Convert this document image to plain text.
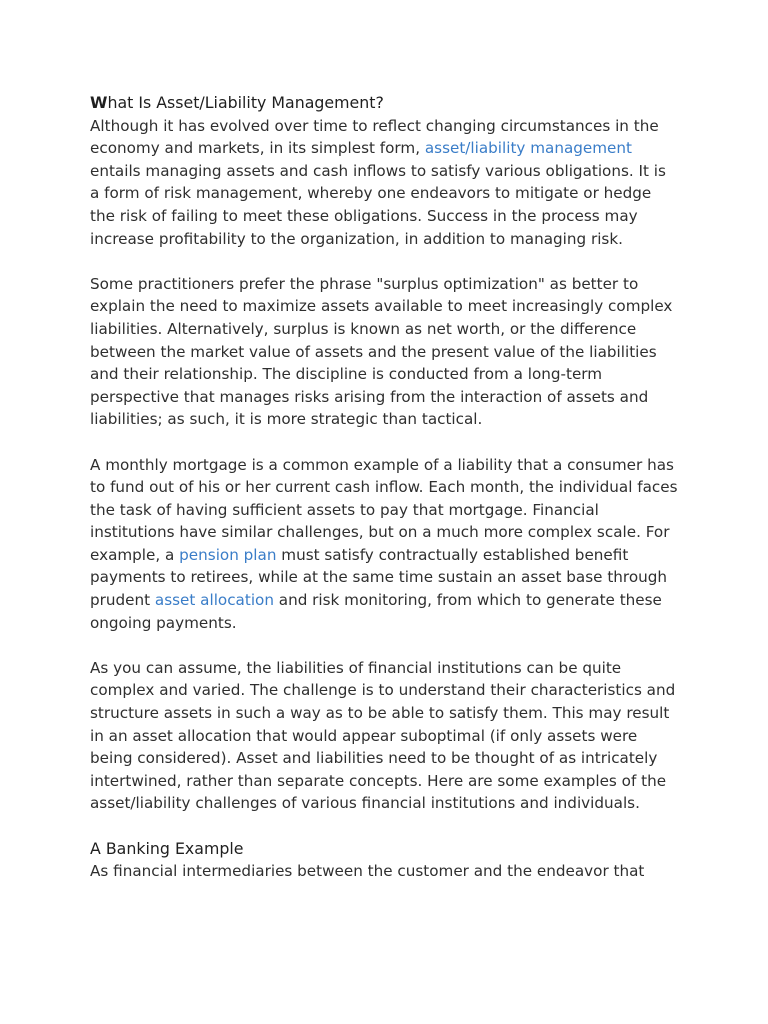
What Is Asset/Liability Management?

Although it has evolved over time to reflect changing circumstances in the economy and markets, in its simplest form, asset/liability management entails managing assets and cash inflows to satisfy various obligations. It is a form of risk management, whereby one endeavors to mitigate or hedge the risk of failing to meet these obligations. Success in the process may increase profitability to the organization, in addition to managing risk.

Some practitioners prefer the phrase "surplus optimization" as better to explain the need to maximize assets available to meet increasingly complex liabilities. Alternatively, surplus is known as net worth, or the difference between the market value of assets and the present value of the liabilities and their relationship. The discipline is conducted from a long-term perspective that manages risks arising from the interaction of assets and liabilities; as such, it is more strategic than tactical.

A monthly mortgage is a common example of a liability that a consumer has to fund out of his or her current cash inflow. Each month, the individual faces the task of having sufficient assets to pay that mortgage. Financial institutions have similar challenges, but on a much more complex scale. For example, a pension plan must satisfy contractually established benefit payments to retirees, while at the same time sustain an asset base through prudent asset allocation and risk monitoring, from which to generate these ongoing payments.

As you can assume, the liabilities of financial institutions can be quite complex and varied. The challenge is to understand their characteristics and structure assets in such a way as to be able to satisfy them. This may result in an asset allocation that would appear suboptimal (if only assets were being considered). Asset and liabilities need to be thought of as intricately intertwined, rather than separate concepts. Here are some examples of the asset/liability challenges of various financial institutions and individuals.

A Banking Example

As financial intermediaries between the customer and the endeavor that
